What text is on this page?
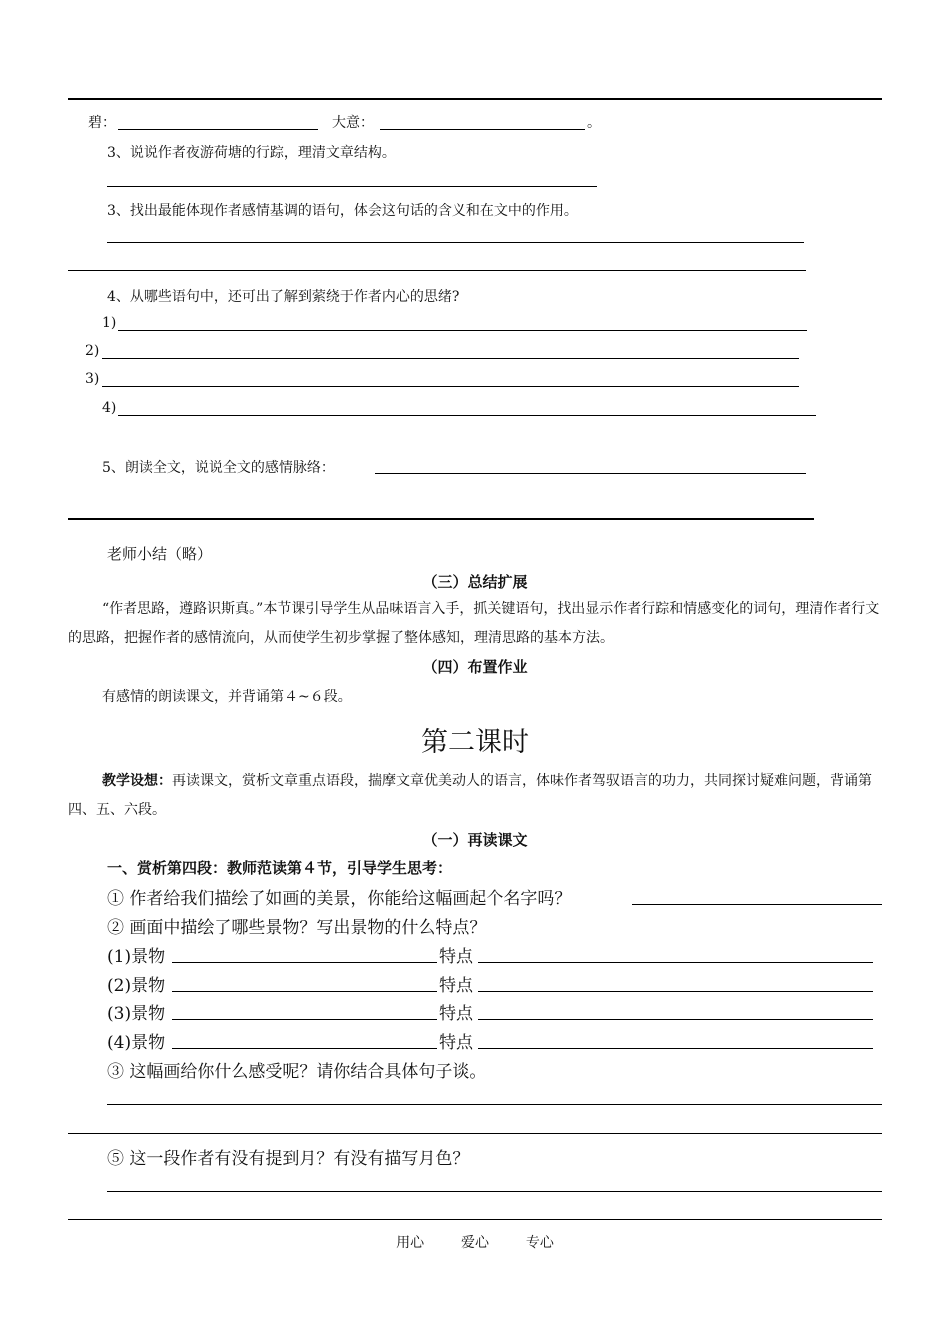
碧：	大意：	。
3、说说作者夜游荷塘的行踪，理清文章结构。
3、找出最能体现作者感情基调的语句，体会这句话的含义和在文中的作用。
4、从哪些语句中，还可出了解到萦绕于作者内心的思绪?
1)
2)
3)
4)
5、朗读全文，说说全文的感情脉络：
老师小结（略）
（三）总结扩展
“作者思路，遵路识斯真。”本节课引导学生从品味语言入手，抓关键语句，找出显示作者行踪和情感变化的词句，理清作者行文的思路，把握作者的感情流向，从而使学生初步掌握了整体感知，理清思路的基本方法。
（四）布置作业
有感情的朗读课文，并背诵第４~６段。
第二课时
教学设想：再读课文，赏析文章重点语段，揣摩文章优美动人的语言，体味作者驾驭语言的功力，共同探讨疑难问题，背诵第四、五、六段。
（一）再读课文
一、赏析第四段：教师范读第４节，引导学生思考：
① 作者给我们描绘了如画的美景，你能给这幅画起个名字吗？
② 画面中描绘了哪些景物？写出景物的什么特点？
(1)景物	特点
(2)景物	特点
(3)景物	特点
(4)景物	特点
③ 这幅画给你什么感受呢？请你结合具体句子谈。
⑤ 这一段作者有没有提到月？有没有描写月色？
用心	爱心	专心
